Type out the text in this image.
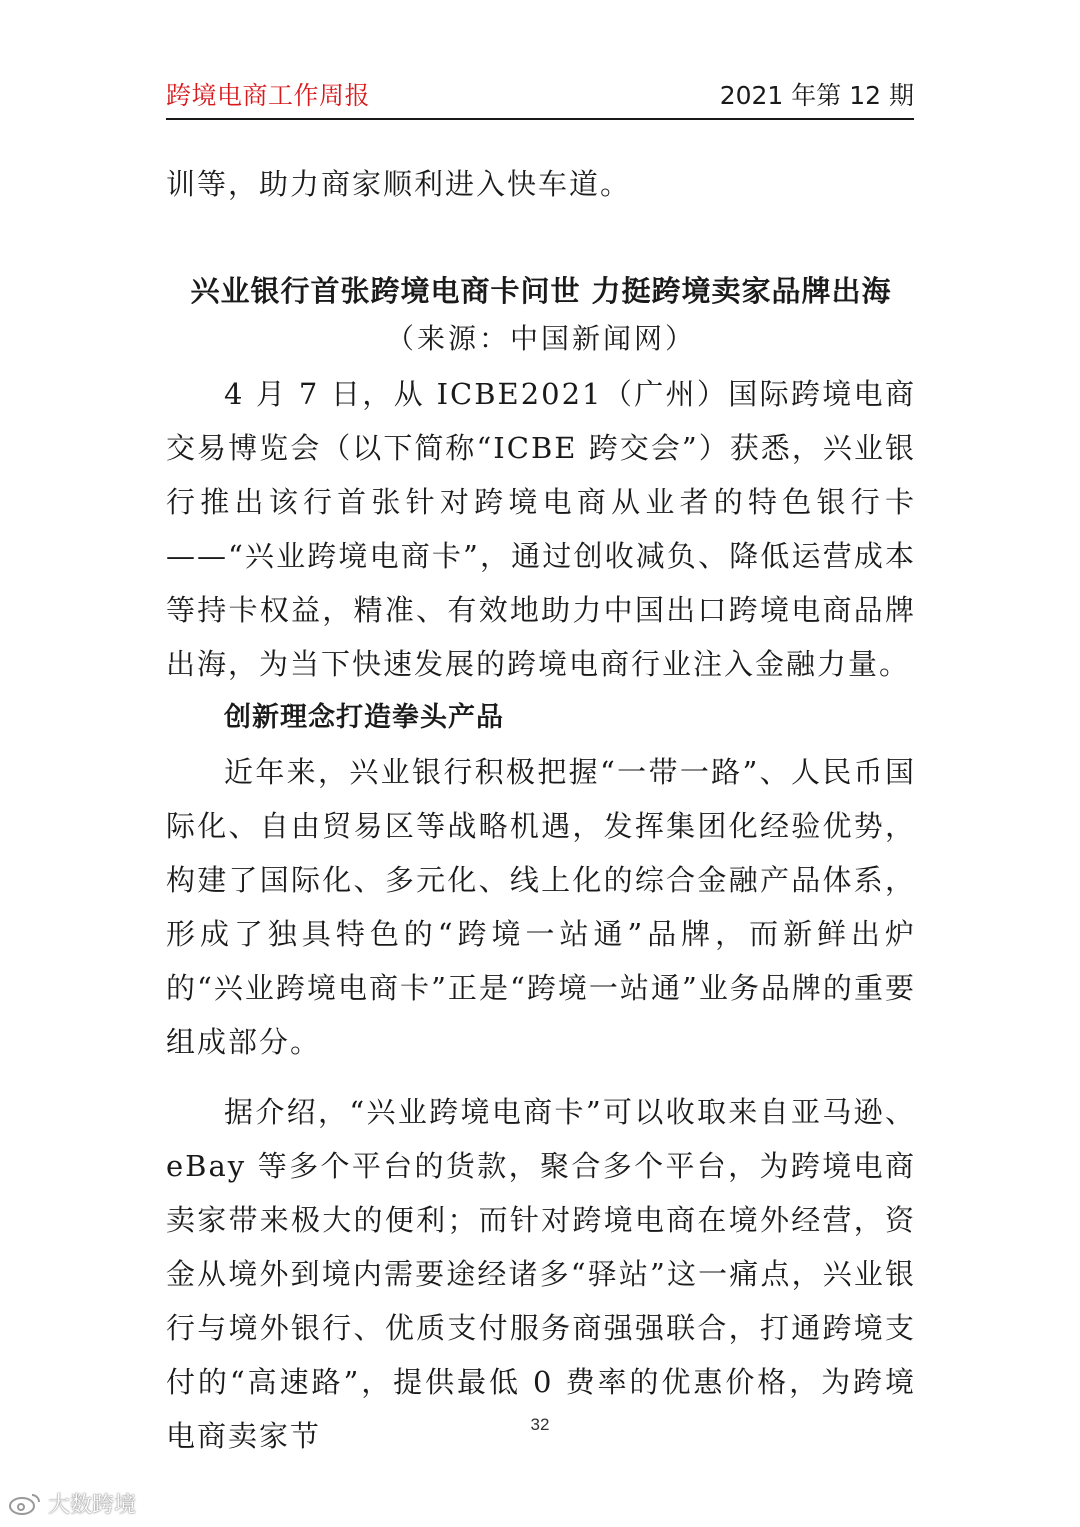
跨境电商工作周报	2021 年第 12 期

训等，助力商家顺利进入快车道。

兴业银行首张跨境电商卡问世 力挺跨境卖家品牌出海

（来源：中国新闻网）

4 月 7 日，从 ICBE2021（广州）国际跨境电商交易博览会（以下简称“ICBE 跨交会”）获悉，兴业银行推出该行首张针对跨境电商从业者的特色银行卡——“兴业跨境电商卡”，通过创收减负、降低运营成本等持卡权益，精准、有效地助力中国出口跨境电商品牌出海，为当下快速发展的跨境电商行业注入金融力量。

创新理念打造拳头产品

近年来，兴业银行积极把握“一带一路”、人民币国际化、自由贸易区等战略机遇，发挥集团化经验优势，构建了国际化、多元化、线上化的综合金融产品体系，形成了独具特色的“跨境一站通”品牌，而新鲜出炉的“兴业跨境电商卡”正是“跨境一站通”业务品牌的重要组成部分。

据介绍，“兴业跨境电商卡”可以收取来自亚马逊、eBay 等多个平台的货款，聚合多个平台，为跨境电商卖家带来极大的便利；而针对跨境电商在境外经营，资金从境外到境内需要途经诸多“驿站”这一痛点，兴业银行与境外银行、优质支付服务商强强联合，打通跨境支付的“高速路”，提供最低 0 费率的优惠价格，为跨境电商卖家节	32
大数跨境
